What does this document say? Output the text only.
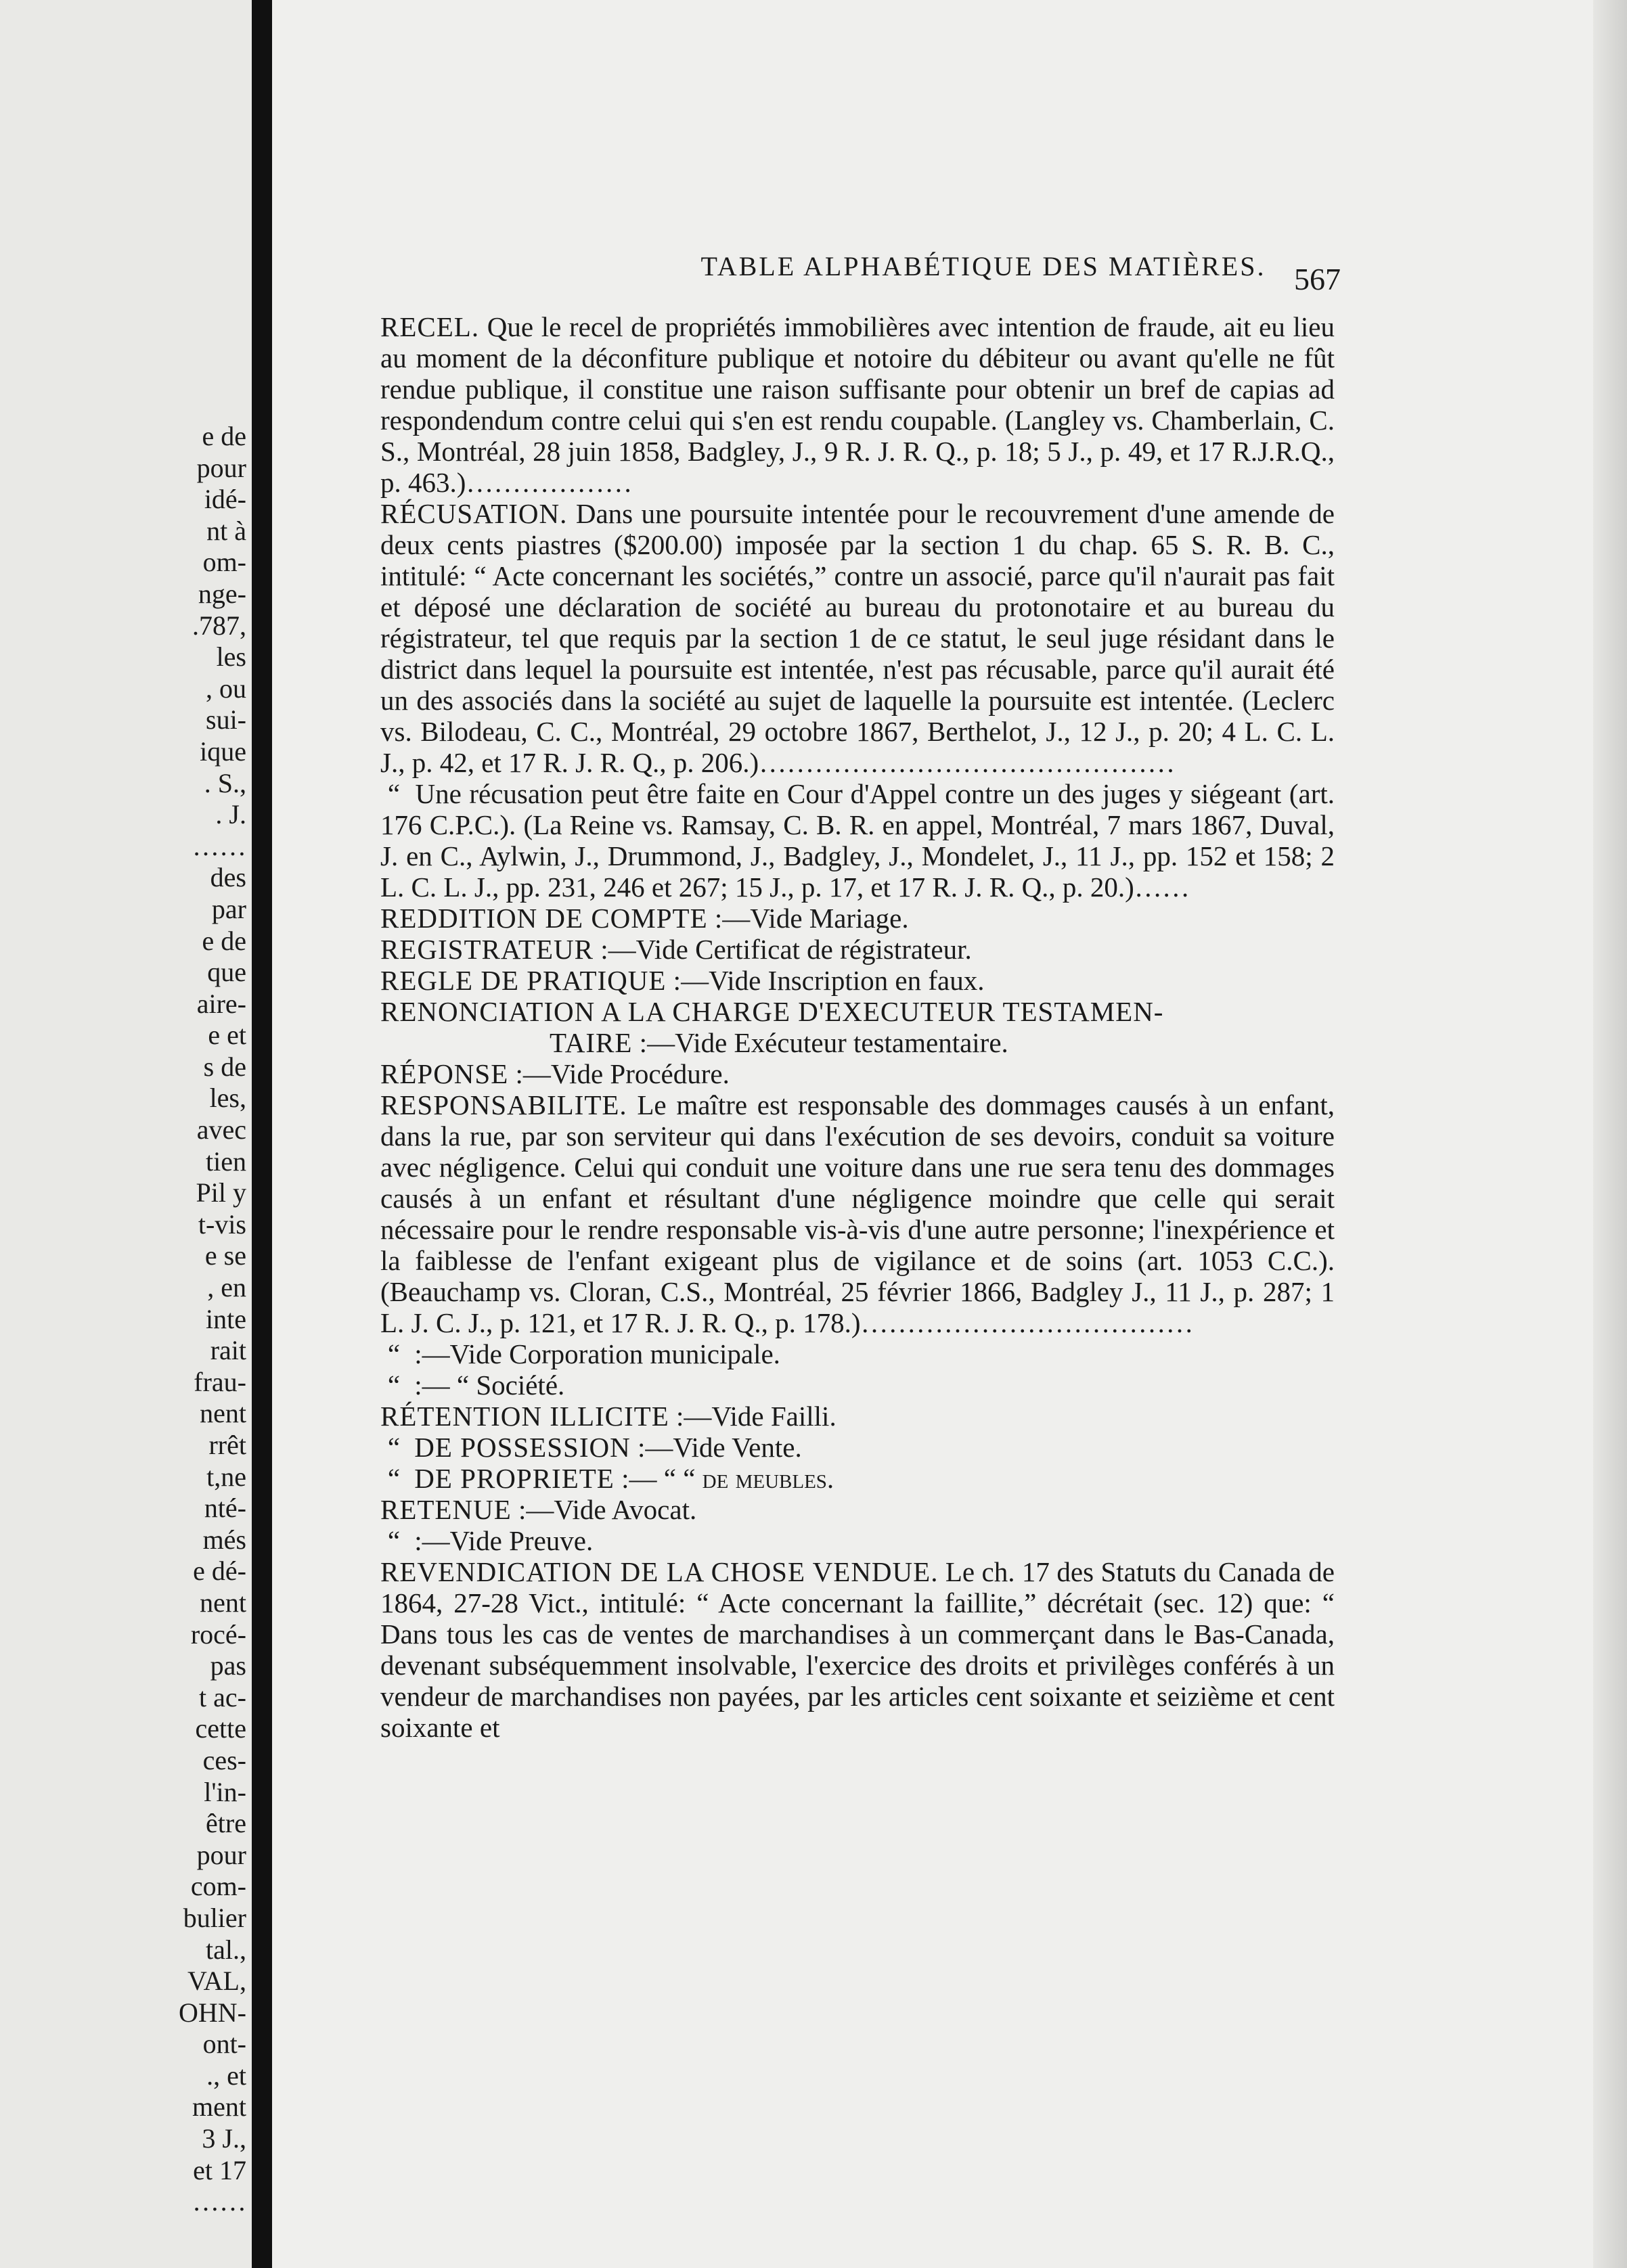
e de
pour
idé-
nt à
om-
nge-
.787,
les
, ou
sui-
ique
. S.,
. J.
……
des
par
e de
que
aire-
e et
s de
les,
avec
tien
Pil y
t-vis
e se
, en
inte
rait
frau-
nent
rrêt
t,ne
nté-
més
e dé-
nent
rocé-
pas
t ac-
cette
ces-
l'in-
être
pour
com-
bulier
tal.,
VAL,
OHN-
ont-
., et
ment
3 J.,
et 17
……
TABLE ALPHABÉTIQUE DES MATIÈRES. 567

RECEL. Que le recel de propriétés immobilières avec intention de fraude, ait eu lieu au moment de la déconfiture publique et notoire du débiteur ou avant qu'elle ne fût rendue publique, il constitue une raison suffisante pour obtenir un bref de capias ad respondendum contre celui qui s'en est rendu coupable. (Langley vs. Chamberlain, C. S., Montréal, 28 juin 1858, Badgley, J., 9 R. J. R. Q., p. 18; 5 J., p. 49, et 17 R.J.R.Q., p. 463.)………………

RÉCUSATION. Dans une poursuite intentée pour le recouvrement d'une amende de deux cents piastres ($200.00) imposée par la section 1 du chap. 65 S. R. B. C., intitulé: “ Acte concernant les sociétés,” contre un associé, parce qu'il n'aurait pas fait et déposé une déclaration de société au bureau du protonotaire et au bureau du régistrateur, tel que requis par la section 1 de ce statut, le seul juge résidant dans le district dans lequel la poursuite est intentée, n'est pas récusable, parce qu'il aurait été un des associés dans la société au sujet de laquelle la poursuite est intentée. (Leclerc vs. Bilodeau, C. C., Montréal, 29 octobre 1867, Berthelot, J., 12 J., p. 20; 4 L. C. L. J., p. 42, et 17 R. J. R. Q., p. 206.)………………………………………

“ Une récusation peut être faite en Cour d'Appel contre un des juges y siégeant (art. 176 C.P.C.). (La Reine vs. Ramsay, C. B. R. en appel, Montréal, 7 mars 1867, Duval, J. en C., Aylwin, J., Drummond, J., Badgley, J., Mondelet, J., 11 J., pp. 152 et 158; 2 L. C. L. J., pp. 231, 246 et 267; 15 J., p. 17, et 17 R. J. R. Q., p. 20.)……

REDDITION DE COMPTE :—Vide Mariage.

REGISTRATEUR :—Vide Certificat de régistrateur.

REGLE DE PRATIQUE :—Vide Inscription en faux.

RENONCIATION A LA CHARGE D'EXECUTEUR TESTAMEN-

TAIRE :—Vide Exécuteur testamentaire.

RÉPONSE :—Vide Procédure.

RESPONSABILITE. Le maître est responsable des dommages causés à un enfant, dans la rue, par son serviteur qui dans l'exécution de ses devoirs, conduit sa voiture avec négligence. Celui qui conduit une voiture dans une rue sera tenu des dommages causés à un enfant et résultant d'une négligence moindre que celle qui serait nécessaire pour le rendre responsable vis-à-vis d'une autre personne; l'inexpérience et la faiblesse de l'enfant exigeant plus de vigilance et de soins (art. 1053 C.C.). (Beauchamp vs. Cloran, C.S., Montréal, 25 février 1866, Badgley J., 11 J., p. 287; 1 L. J. C. J., p. 121, et 17 R. J. R. Q., p. 178.)………………………………

“ :—Vide Corporation municipale.

“ :— “ Société.

RÉTENTION ILLICITE :—Vide Failli.

“ DE POSSESSION :—Vide Vente.

“ DE PROPRIETE :— “ “ de meubles.

RETENUE :—Vide Avocat.

“ :—Vide Preuve.

REVENDICATION DE LA CHOSE VENDUE. Le ch. 17 des Statuts du Canada de 1864, 27-28 Vict., intitulé: “ Acte concernant la faillite,” décrétait (sec. 12) que: “ Dans tous les cas de ventes de marchandises à un commerçant dans le Bas-Canada, devenant subséquemment insolvable, l'exercice des droits et privilèges conférés à un vendeur de marchandises non payées, par les articles cent soixante et seizième et cent soixante et
